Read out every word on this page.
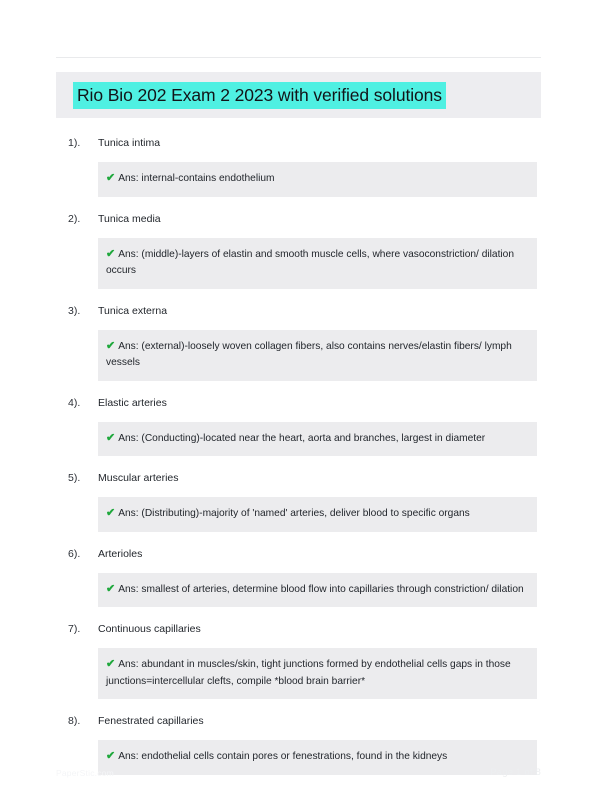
Rio Bio 202 Exam 2 2023 with verified solutions
1).	Tunica intima
✔ Ans: internal-contains endothelium
2).	Tunica media
✔ Ans: (middle)-layers of elastin and smooth muscle cells, where vasoconstriction/ dilation occurs
3).	Tunica externa
✔ Ans: (external)-loosely woven collagen fibers, also contains nerves/elastin fibers/ lymph vessels
4).	Elastic arteries
✔ Ans: (Conducting)-located near the heart, aorta and branches, largest in diameter
5).	Muscular arteries
✔ Ans: (Distributing)-majority of 'named' arteries, deliver blood to specific organs
6).	Arterioles
✔ Ans: smallest of arteries, determine blood flow into capillaries through constriction/ dilation
7).	Continuous capillaries
✔ Ans: abundant in muscles/skin, tight junctions formed by endothelial cells gaps in those junctions=intercellular clefts, compile *blood brain barrier*
8).	Fenestrated capillaries
✔ Ans: endothelial cells contain pores or fenestrations, found in the kidneys
PaperStic.com	Page 1 of 8
